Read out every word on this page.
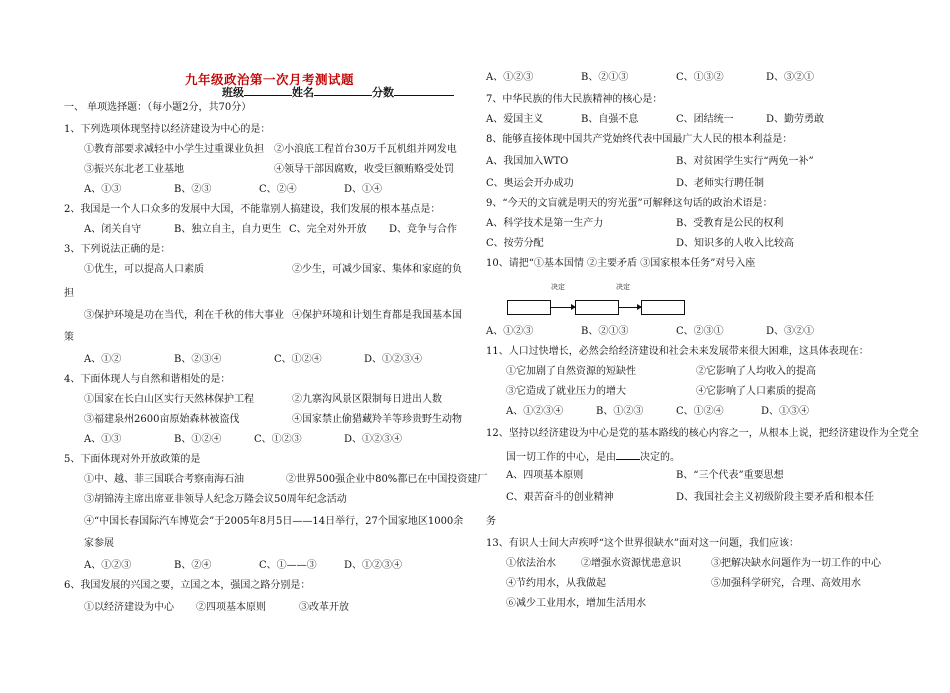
九年级政治第一次月考测试题
班级	姓名	分数
一、 单项选择题：（每小题2分，共70分）
1、下列选项体现坚持以经济建设为中心的是：
①教育部要求减轻中小学生过重课业负担 ②小浪底工程首台30万千瓦机组并网发电
③振兴东北老工业基地	④领导干部因腐败，收受巨额贿赂受处罚
A、①③	B、②③	C、②④	D、①④
2、我国是一个人口众多的发展中大国，不能靠别人搞建设，我们发展的根本基点是：
A、闭关自守	B、独立自主，自力更生 C、完全对外开放 D、竞争与合作
3、下列说法正确的是：
①优生，可以提高人口素质	②少生，可减少国家、集体和家庭的负
担
③保护环境是功在当代，利在千秋的伟大事业 ④保护环境和计划生育都是我国基本国
策
A、①②	B、②③④	C、①②④	D、①②③④
4、下面体现人与自然和谐相处的是：
①国家在长白山区实行天然林保护工程	②九寨沟风景区限制每日进出人数
③福建泉州2600亩原始森林被盗伐	④国家禁止偷猎藏羚羊等珍贵野生动物
A、①③	B、①②④	C、①②③	D、①②③④
5、下面体现对外开放政策的是
①中、越、菲三国联合考察南海石油	②世界500强企业中80%都已在中国投资建厂
③胡锦涛主席出席亚非领导人纪念万隆会议50周年纪念活动
④“中国长春国际汽车博览会”于2005年8月5日——14日举行，27个国家地区1000余
家参展
A、①②③	B、②④	C、①——③	D、①②③④
6、我国发展的兴国之要，立国之本，强国之路分别是：
①以经济建设为中心 ②四项基本原则	③改革开放
A、①②③	B、②①③	C、①③②	D、③②①
7、中华民族的伟大民族精神的核心是：
A、爱国主义	B、自强不息	C、团结统一	D、勤劳勇敢
8、能够直接体现中国共产党始终代表中国最广大人民的根本利益是：
A、我国加入WTO	B、对贫困学生实行“两免一补”
C、奥运会开办成功	D、老师实行聘任制
9、“今天的文盲就是明天的穷光蛋”可解释这句话的政治术语是：
A、科学技术是第一生产力	B、受教育是公民的权利
C、按劳分配	D、知识多的人收入比较高
10、请把“①基本国情 ②主要矛盾 ③国家根本任务”对号入座
决定	决定
A、①②③	B、②①③	C、②③①	D、③②①
11、人口过快增长，必然会给经济建设和社会未来发展带来很大困难，这具体表现在：
①它加剧了自然资源的短缺性	②它影响了人均收入的提高
③它造成了就业压力的增大	④它影响了人口素质的提高
A、①②③④	B、①②③	C、①②④	D、①③④
12、坚持以经济建设为中心是党的基本路线的核心内容之一，从根本上说，把经济建设作为全党全
国一切工作的中心，是由 决定的。
A、四项基本原则	B、“三个代表”重要思想
C、艰苦奋斗的创业精神	D、我国社会主义初级阶段主要矛盾和根本任
务
13、有识人士间大声疾呼“这个世界很缺水”面对这一问题，我们应该：
①依法治水	②增强水资源忧患意识	③把解决缺水问题作为一切工作的中心
④节约用水，从我做起	⑤加强科学研究，合理、高效用水
⑥减少工业用水，增加生活用水
